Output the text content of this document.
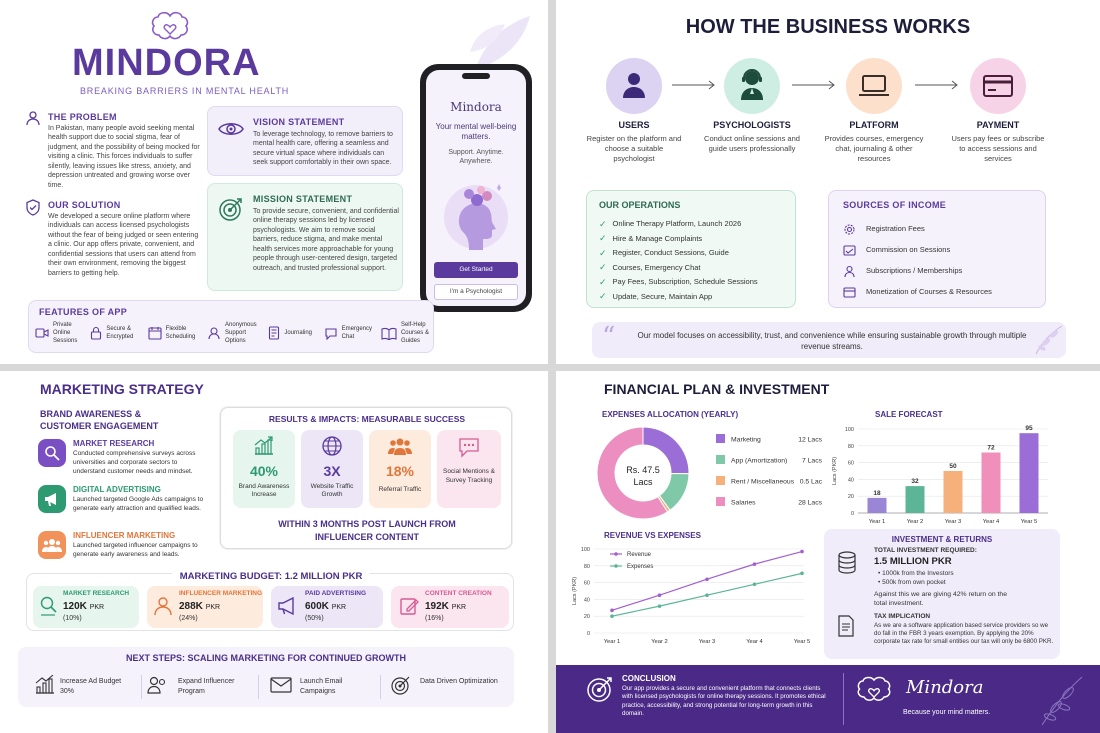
MINDORA
BREAKING BARRIERS IN MENTAL HEALTH
THE PROBLEM
In Pakistan, many people avoid seeking mental health support due to social stigma, fear of judgment, and the possibility of being mocked for visiting a clinic. This forces individuals to suffer silently, leaving issues like stress, anxiety, and depression untreated and growing worse over time.
OUR SOLUTION
We developed a secure online platform where individuals can access licensed psychologists without the fear of being judged or seen entering a clinic. Our app offers private, convenient, and confidential sessions that users can attend from their own environment, removing the biggest barriers to getting help.
VISION STATEMENT
To leverage technology, to remove barriers to mental health care, offering a seamless and secure virtual space where individuals can seek support comfortably in their own space.
MISSION STATEMENT
To provide secure, convenient, and confidential online therapy sessions led by licensed psychologists. We aim to remove social barriers, reduce stigma, and make mental health services more approachable for young people through user-centered design, targeted outreach, and trusted professional support.
Mindora
Your mental well-being matters.
Support. Anytime. Anywhere.
Get Started
I'm a Psychologist
FEATURES OF APP
Private Online Sessions
Secure & Encrypted
Flexible Scheduling
Anonymous Support Options
Journaling
Emergency Chat
Self-Help Courses & Guides
HOW THE BUSINESS WORKS
USERS
Register on the platform and choose a suitable psychologist
PSYCHOLOGISTS
Conduct online sessions and guide users professionally
PLATFORM
Provides courses, emergency chat, journaling & other resources
PAYMENT
Users pay fees or subscribe to access sessions and services
OUR OPERATIONS
✓ Online Therapy Platform, Launch 2026
✓ Hire & Manage Complaints
✓ Register, Conduct Sessions, Guide
✓ Courses, Emergency Chat
✓ Pay Fees, Subscription, Schedule Sessions
✓ Update, Secure, Maintain App
SOURCES OF INCOME
Registration Fees
Commission on Sessions
Subscriptions / Memberships
Monetization of Courses & Resources
“	Our model focuses on accessibility, trust, and convenience while ensuring sustainable growth through multiple revenue streams.
MARKETING STRATEGY
BRAND AWARENESS & CUSTOMER ENGAGEMENT
MARKET RESEARCH
Conducted comprehensive surveys across universities and corporate sectors to understand customer needs and mindset.
DIGITAL ADVERTISING
Launched targeted Google Ads campaigns to generate early attraction and qualified leads.
INFLUENCER MARKETING
Launched targeted influencer campaigns to generate early awareness and leads.
RESULTS & IMPACTS: MEASURABLE SUCCESS
40%
Brand Awareness Increase
3X
Website Traffic Growth
18%
Referral Traffic
Social Mentions & Survey Tracking
WITHIN 3 MONTHS POST LAUNCH FROM INFLUENCER CONTENT
MARKETING BUDGET: 1.2 MILLION PKR
MARKET RESEARCH
120K PKR
(10%)
INFLUENCER MARKETING
288K PKR
(24%)
PAID ADVERTISING
600K PKR
(50%)
CONTENT CREATION
192K PKR
(16%)
NEXT STEPS: SCALING MARKETING FOR CONTINUED GROWTH
Increase Ad Budget 30%
Expand Influencer Program
Launch Email Campaigns
Data Driven Optimization
FINANCIAL PLAN & INVESTMENT
EXPENSES ALLOCATION (YEARLY)
Marketing	12 Lacs
App (Amortization) 7 Lacs
Rent / Miscellaneous 0.5 Lac
Salaries	28 Lacs
Rs. 47.5 Lacs
SALE FORECAST
0
20
40
60
80
100
Lacs (PKR)
18
Year 1
32
Year 2
50
Year 3
72
Year 4
95
Year 5
REVENUE VS EXPENSES
0
20
40
60
80
100
Lacs (PKR)
Year 1	Year 2	Year 3	Year 4	Year 5
Revenue
Expenses
INVESTMENT & RETURNS
TOTAL INVESTMENT REQUIRED:
1.5 MILLION PKR
• 1000k from the Investors
• 500k from own pocket
Against this we are giving 42% return on the total investment.
TAX IMPLICATION
As we are a software application based service providers so we do fall in the FBR 3 years exemption. By applying the 20% corporate tax rate for small entities our tax will only be 6800 PKR.
CONCLUSION
Our app provides a secure and convenient platform that connects clients with licensed psychologists for online therapy sessions. It promotes ethical practice, accessibility, and strong potential for long-term growth in this domain.
Mindora
Because your mind matters.
